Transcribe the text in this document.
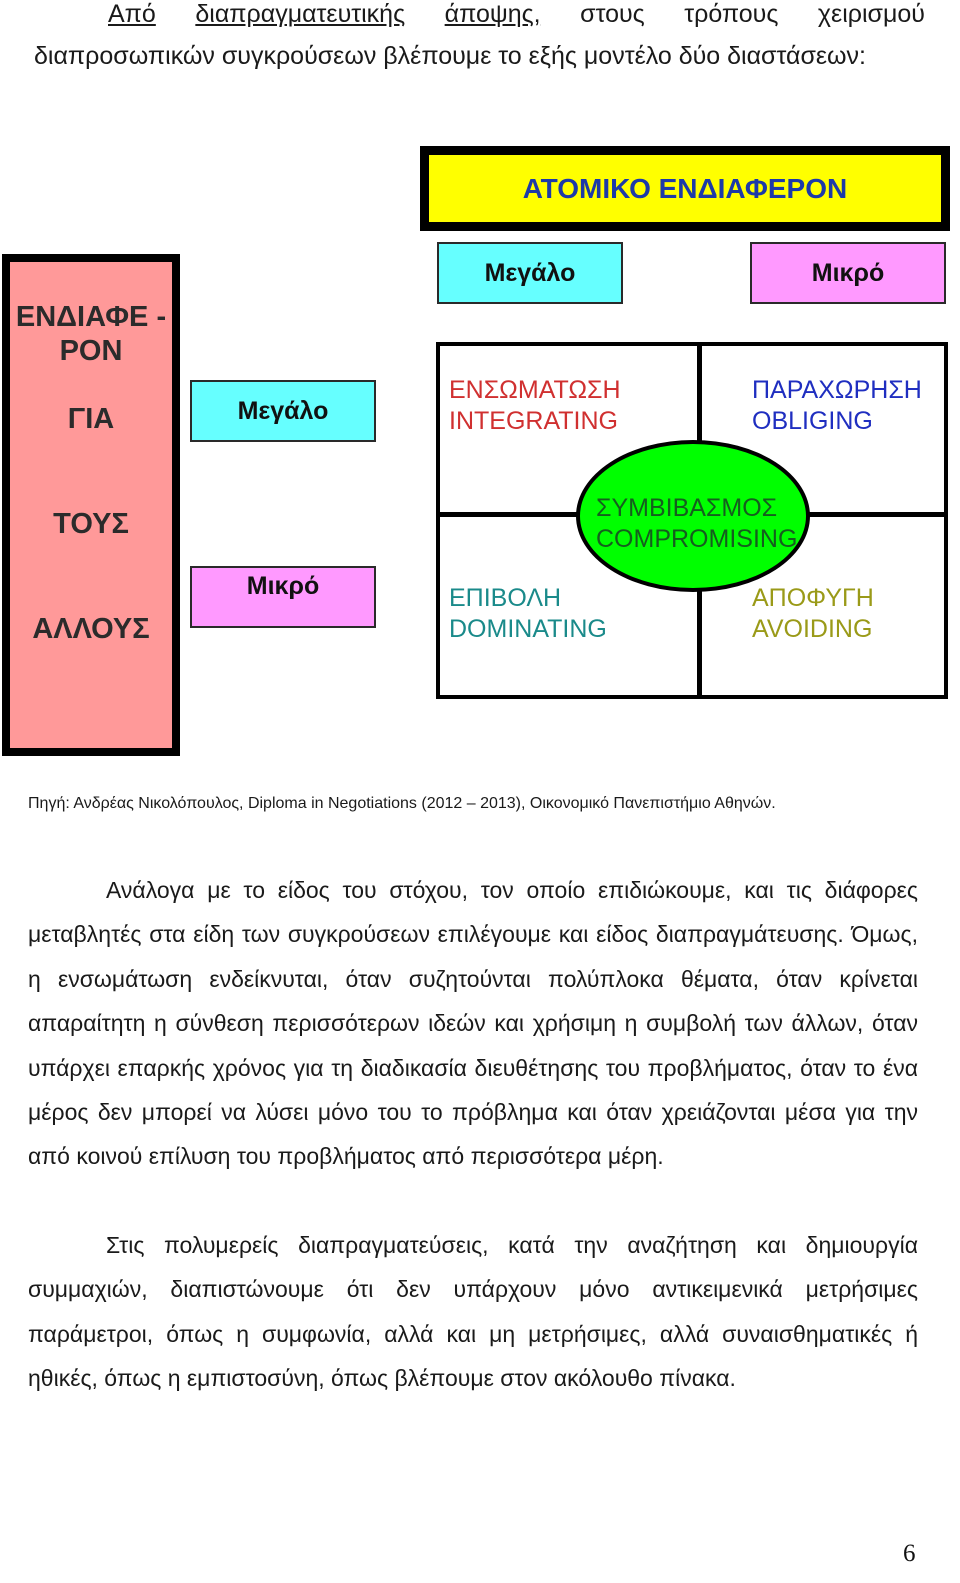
Από διαπραγματευτικής άποψης, στους τρόπους χειρισμού
διαπροσωπικών συγκρούσεων βλέπουμε το εξής μοντέλο δύο διαστάσεων:
ΑΤΟΜΙΚΟ ΕΝΔΙΑΦΕΡΟΝ
Μεγάλο	Μικρό
ΕΝΔΙΑΦΕ -
ΡΟΝ
ΓΙΑ
ΤΟΥΣ
ΑΛΛΟΥΣ
Μεγάλο
Μικρό
ΕΝΣΩΜΑΤΩΣΗ
INTEGRATING
ΠΑΡΑΧΩΡΗΣΗ
OBLIGING
ΕΠΙΒΟΛΗ
DOMINATING
ΑΠΟΦΥΓΗ
AVOIDING
ΣΥΜΒΙΒΑΣΜΟΣ
COMPROMISING
Πηγή: Ανδρέας Νικολόπουλος, Diploma in Negotiations (2012 – 2013), Οικονομικό Πανεπιστήμιο Αθηνών.
Ανάλογα με το είδος του στόχου, τον οποίο επιδιώκουμε, και τις διάφορες μεταβλητές στα είδη των συγκρούσεων επιλέγουμε και είδος διαπραγμάτευσης. Όμως, η ενσωμάτωση ενδείκνυται, όταν συζητούνται πολύπλοκα θέματα, όταν κρίνεται απαραίτητη η σύνθεση περισσότερων ιδεών και χρήσιμη η συμβολή των άλλων, όταν υπάρχει επαρκής χρόνος για τη διαδικασία διευθέτησης του προβλήματος, όταν το ένα μέρος δεν μπορεί να λύσει μόνο του το πρόβλημα και όταν χρειάζονται μέσα για την από κοινού επίλυση του προβλήματος από περισσότερα μέρη.
Στις πολυμερείς διαπραγματεύσεις, κατά την αναζήτηση και δημιουργία συμμαχιών, διαπιστώνουμε ότι δεν υπάρχουν μόνο αντικειμενικά μετρήσιμες παράμετροι, όπως η συμφωνία, αλλά και μη μετρήσιμες, αλλά συναισθηματικές ή ηθικές, όπως η εμπιστοσύνη, όπως βλέπουμε στον ακόλουθο πίνακα.
6
